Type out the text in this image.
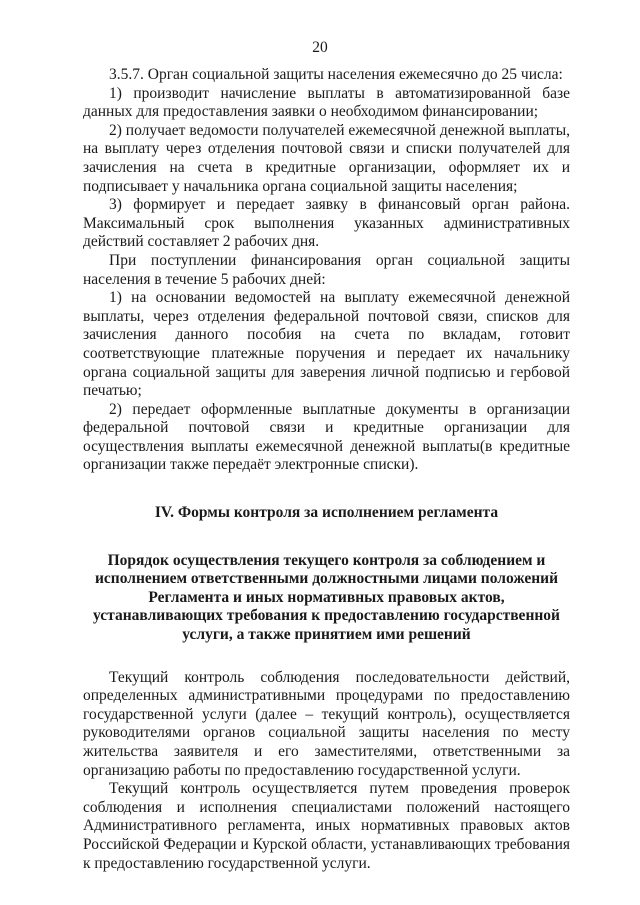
20

3.5.7. Орган социальной защиты населения ежемесячно до 25 числа:

1) производит начисление выплаты в автоматизированной базе данных для предоставления заявки о необходимом финансировании;

2) получает ведомости получателей ежемесячной денежной выплаты, на выплату через отделения почтовой связи и списки получателей для зачисления на счета в кредитные организации, оформляет их и подписывает у начальника органа социальной защиты населения;

3) формирует и передает заявку в финансовый орган района. Максимальный срок выполнения указанных административных действий составляет 2 рабочих дня.

При поступлении финансирования орган социальной защиты населения в течение 5 рабочих дней:

1) на основании ведомостей на выплату ежемесячной денежной выплаты, через отделения федеральной почтовой связи, списков для зачисления данного пособия на счета по вкладам, готовит соответствующие платежные поручения и передает их начальнику органа социальной защиты для заверения личной подписью и гербовой печатью;

2) передает оформленные выплатные документы в организации федеральной почтовой связи и кредитные организации для осуществления выплаты ежемесячной денежной выплаты(в кредитные организации также передаёт электронные списки).

IV. Формы контроля за исполнением регламента
Порядок осуществления текущего контроля за соблюдением и исполнением ответственными должностными лицами положений Регламента и иных нормативных правовых актов, устанавливающих требования к предоставлению государственной услуги, а также принятием ими решений

Текущий контроль соблюдения последовательности действий, определенных административными процедурами по предоставлению государственной услуги (далее – текущий контроль), осуществляется руководителями органов социальной защиты населения по месту жительства заявителя и его заместителями, ответственными за организацию работы по предоставлению государственной услуги.

Текущий контроль осуществляется путем проведения проверок соблюдения и исполнения специалистами положений настоящего Административного регламента, иных нормативных правовых актов Российской Федерации и Курской области, устанавливающих требования к предоставлению государственной услуги.
